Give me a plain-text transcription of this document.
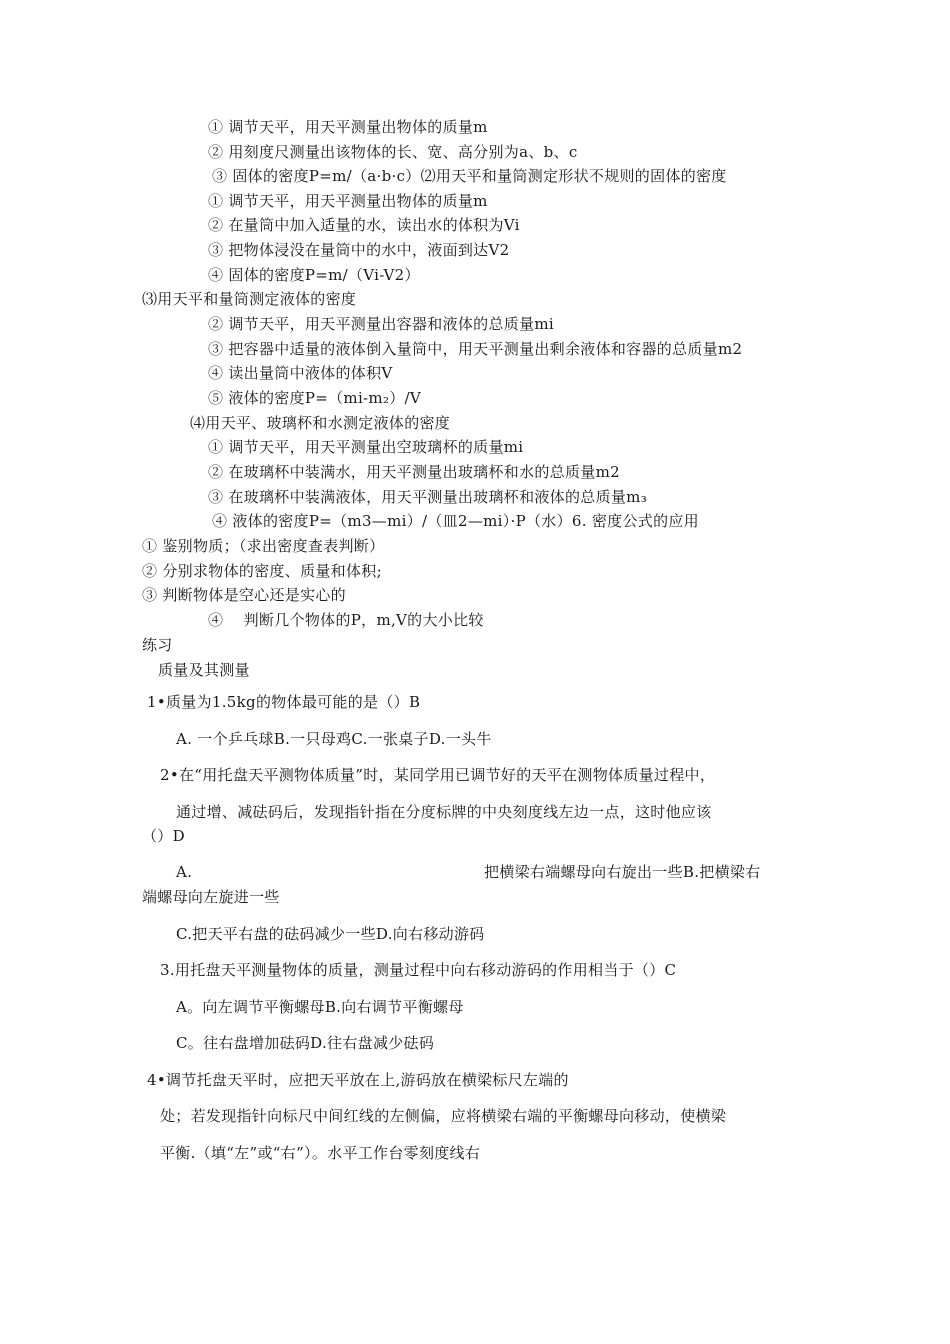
① 调节天平，用天平测量出物体的质量m
② 用刻度尺测量出该物体的长、宽、高分别为a、b、c
③ 固体的密度P=m/（a·b·c）⑵用天平和量筒测定形状不规则的固体的密度
① 调节天平，用天平测量出物体的质量m
② 在量筒中加入适量的水，读出水的体积为Vi
③ 把物体浸没在量筒中的水中，液面到达V2
④ 固体的密度P=m/（Vi-V2）
⑶用天平和量筒测定液体的密度
② 调节天平，用天平测量出容器和液体的总质量mi
③ 把容器中适量的液体倒入量筒中，用天平测量出剩余液体和容器的总质量m2
④ 读出量筒中液体的体积V
⑤ 液体的密度P=（mi-m₂）/V
⑷用天平、玻璃杯和水测定液体的密度
① 调节天平，用天平测量出空玻璃杯的质量mi
② 在玻璃杯中装满水，用天平测量出玻璃杯和水的总质量m2
③ 在玻璃杯中装满液体，用天平测量出玻璃杯和液体的总质量m₃
④ 液体的密度P=（m3—mi）/（皿2—mi）·P（水）6. 密度公式的应用
① 鉴别物质；（求出密度查表判断）
② 分别求物体的密度、质量和体积;
③ 判断物体是空心还是实心的
④ 　判断几个物体的P，m,V的大小比较
练习
质量及其测量
1•质量为1.5kg的物体最可能的是（）B
A. 一个乒乓球B.一只母鸡C.一张桌子D.一头牛
2•在“用托盘天平测物体质量”时，某同学用已调节好的天平在测物体质量过程中，
通过增、减砝码后，发现指针指在分度标牌的中央刻度线左边一点，这时他应该
（）D
A.	把横梁右端螺母向右旋出一些B.把横梁右
端螺母向左旋进一些
C.把天平右盘的砝码减少一些D.向右移动游码
3.用托盘天平测量物体的质量，测量过程中向右移动游码的作用相当于（）C
A。向左调节平衡螺母B.向右调节平衡螺母
C。往右盘增加砝码D.往右盘减少砝码
4•调节托盘天平时，应把天平放在上,游码放在横梁标尺左端的
处；若发现指针向标尺中间红线的左侧偏，应将横梁右端的平衡螺母向移动，使横梁
平衡.（填“左”或“右”）。水平工作台零刻度线右
